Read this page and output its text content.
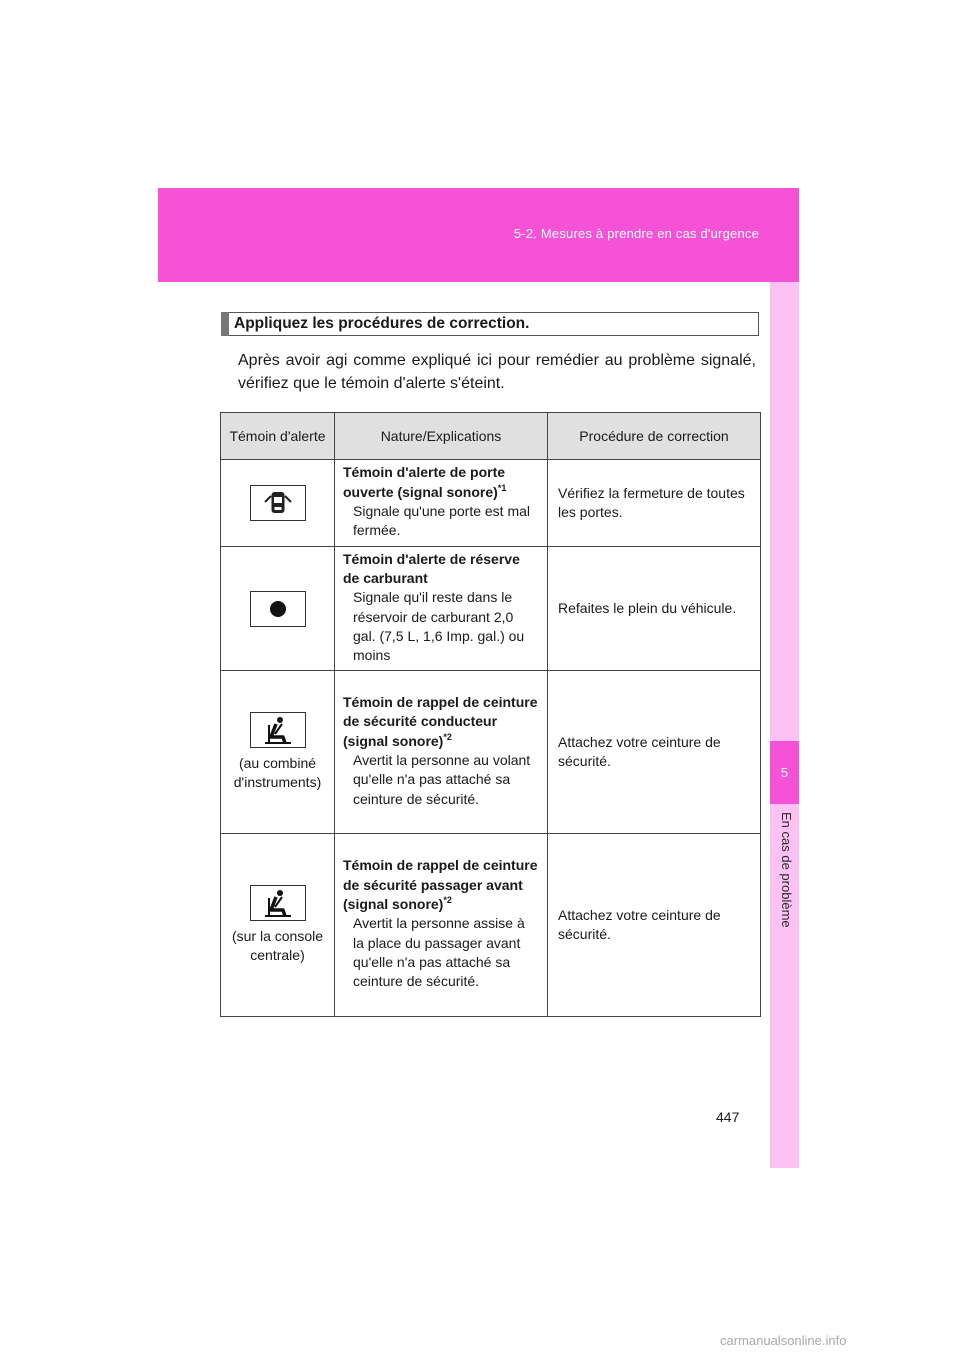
5-2. Mesures à prendre en cas d'urgence
5
En cas de problème
Appliquez les procédures de correction.
Après avoir agi comme expliqué ici pour remédier au problème signalé, vérifiez que le témoin d'alerte s'éteint.
Témoin d'alerte	Nature/Explications	Procédure de correction

Témoin d'alerte de porte ouverte (signal sonore)$^{*1}$
Signale qu'une porte est mal fermée.	Vérifiez la fermeture de toutes les portes.

Témoin d'alerte de réserve de carburant
Signale qu'il reste dans le réservoir de carburant 2,0 gal. (7,5 L, 1,6 Imp. gal.) ou moins	Refaites le plein du véhicule.

(au combiné d'instruments)	Témoin de rappel de ceinture de sécurité conducteur (signal sonore)$^{*2}$
Avertit la personne au volant qu'elle n'a pas attaché sa ceinture de sécurité.	Attachez votre ceinture de sécurité.

(sur la console centrale)	Témoin de rappel de ceinture de sécurité passager avant (signal sonore)$^{*2}$
Avertit la personne assise à la place du passager avant qu'elle n'a pas attaché sa ceinture de sécurité.	Attachez votre ceinture de sécurité.
447
carmanualsonline.info
